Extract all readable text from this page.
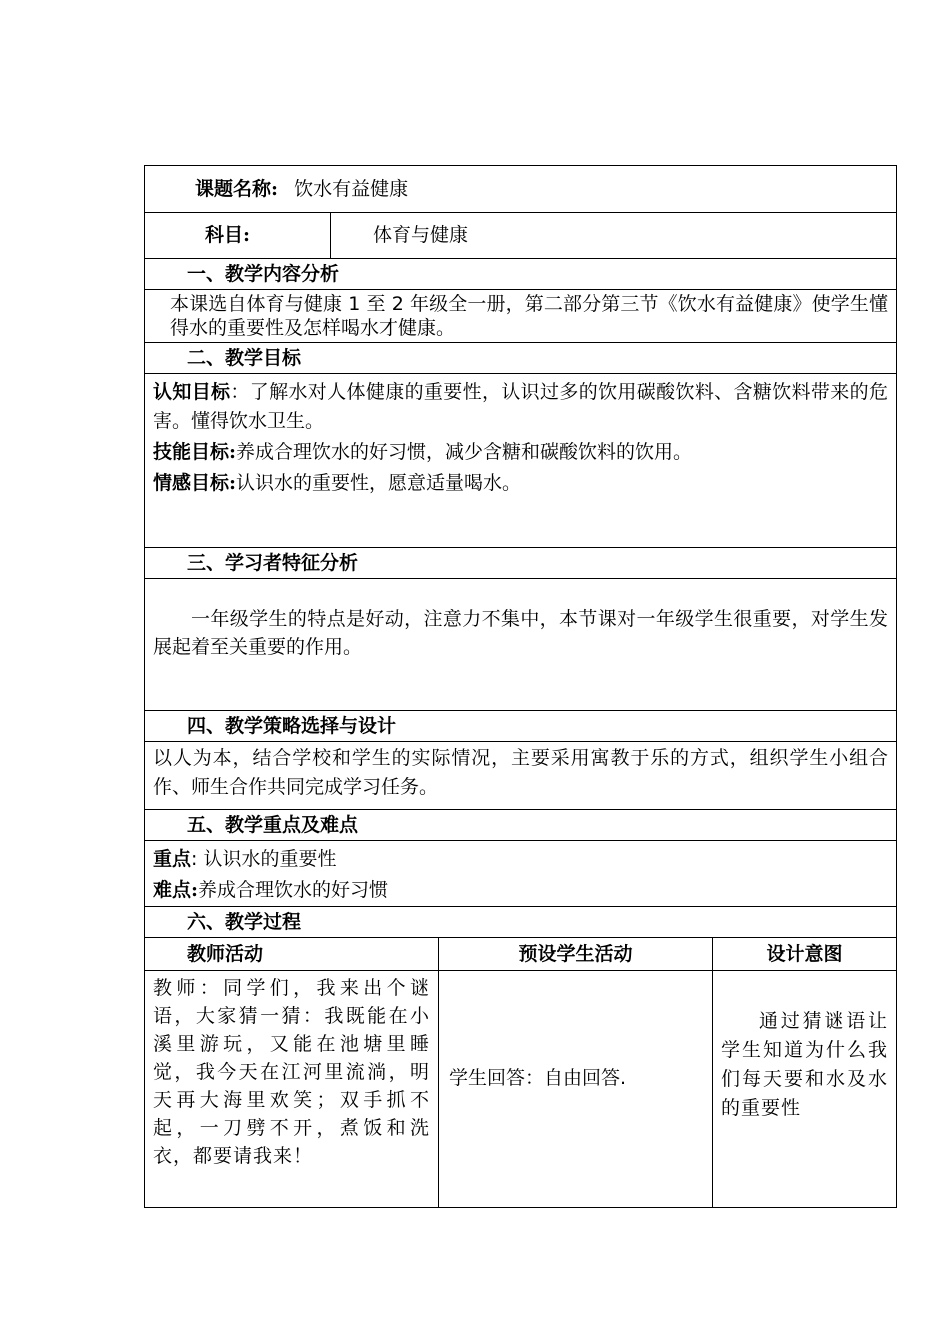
课题名称: 饮水有益健康			
科目:	体育与健康		
一、教学内容分析			
本课选自体育与健康 1 至 2 年级全一册，第二部分第三节《饮水有益健康》使学生懂得水的重要性及怎样喝水才健康。			
二、教学目标			

认知目标：了解水对人体健康的重要性，认识过多的饮用碳酸饮料、含糖饮料带来的危害。懂得饮水卫生。
技能目标:养成合理饮水的好习惯，减少含糖和碳酸饮料的饮用。
情感目标:认识水的重要性，愿意适量喝水。			

三、学习者特征分析			
一年级学生的特点是好动，注意力不集中，本节课对一年级学生很重要，对学生发展起着至关重要的作用。			
四、教学策略选择与设计			
以人为本，结合学校和学生的实际情况，主要采用寓教于乐的方式，组织学生小组合作、师生合作共同完成学习任务。			
五、教学重点及难点			

重点: 认识水的重要性
难点:养成合理饮水的好习惯			

六、教学过程			
教师活动		预设学生活动	设计意图
教师：同学们，我来出个谜语，大家猜一猜：我既能在小溪里游玩，又能在池塘里睡觉，我今天在江河里流淌，明天再大海里欢笑；双手抓不起，一刀劈不开，煮饭和洗衣，都要请我来！		学生回答：自由回答.	通过猜谜语让学生知道为什么我们每天要和水及水的重要性
